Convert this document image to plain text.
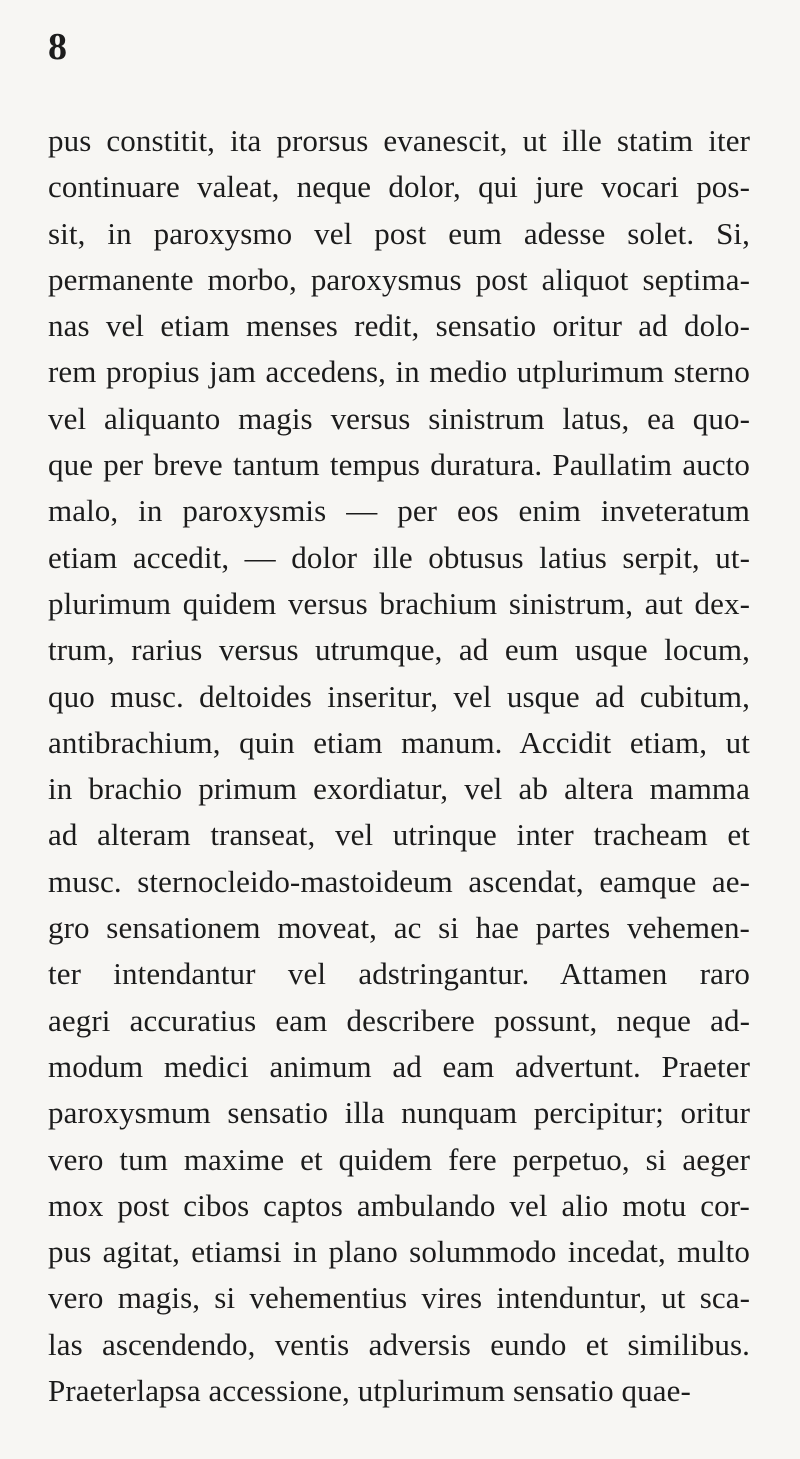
8
pus constitit, ita prorsus evanescit, ut ille statim iter
continuare valeat, neque dolor, qui jure vocari pos-
sit, in paroxysmo vel post eum adesse solet. Si,
permanente morbo, paroxysmus post aliquot septima-
nas vel etiam menses redit, sensatio oritur ad dolo-
rem propius jam accedens, in medio utplurimum sterno
vel aliquanto magis versus sinistrum latus, ea quo-
que per breve tantum tempus duratura. Paullatim aucto
malo, in paroxysmis — per eos enim inveteratum
etiam accedit, — dolor ille obtusus latius serpit, ut-
plurimum quidem versus brachium sinistrum, aut dex-
trum, rarius versus utrumque, ad eum usque locum,
quo musc. deltoides inseritur, vel usque ad cubitum,
antibrachium, quin etiam manum. Accidit etiam, ut
in brachio primum exordiatur, vel ab altera mamma
ad alteram transeat, vel utrinque inter tracheam et
musc. sternocleido-mastoideum ascendat, eamque ae-
gro sensationem moveat, ac si hae partes vehemen-
ter intendantur vel adstringantur. Attamen raro
aegri accuratius eam describere possunt, neque ad-
modum medici animum ad eam advertunt. Praeter
paroxysmum sensatio illa nunquam percipitur; oritur
vero tum maxime et quidem fere perpetuo, si aeger
mox post cibos captos ambulando vel alio motu cor-
pus agitat, etiamsi in plano solummodo incedat, multo
vero magis, si vehementius vires intenduntur, ut sca-
las ascendendo, ventis adversis eundo et similibus.
Praeterlapsa accessione, utplurimum sensatio quae-
